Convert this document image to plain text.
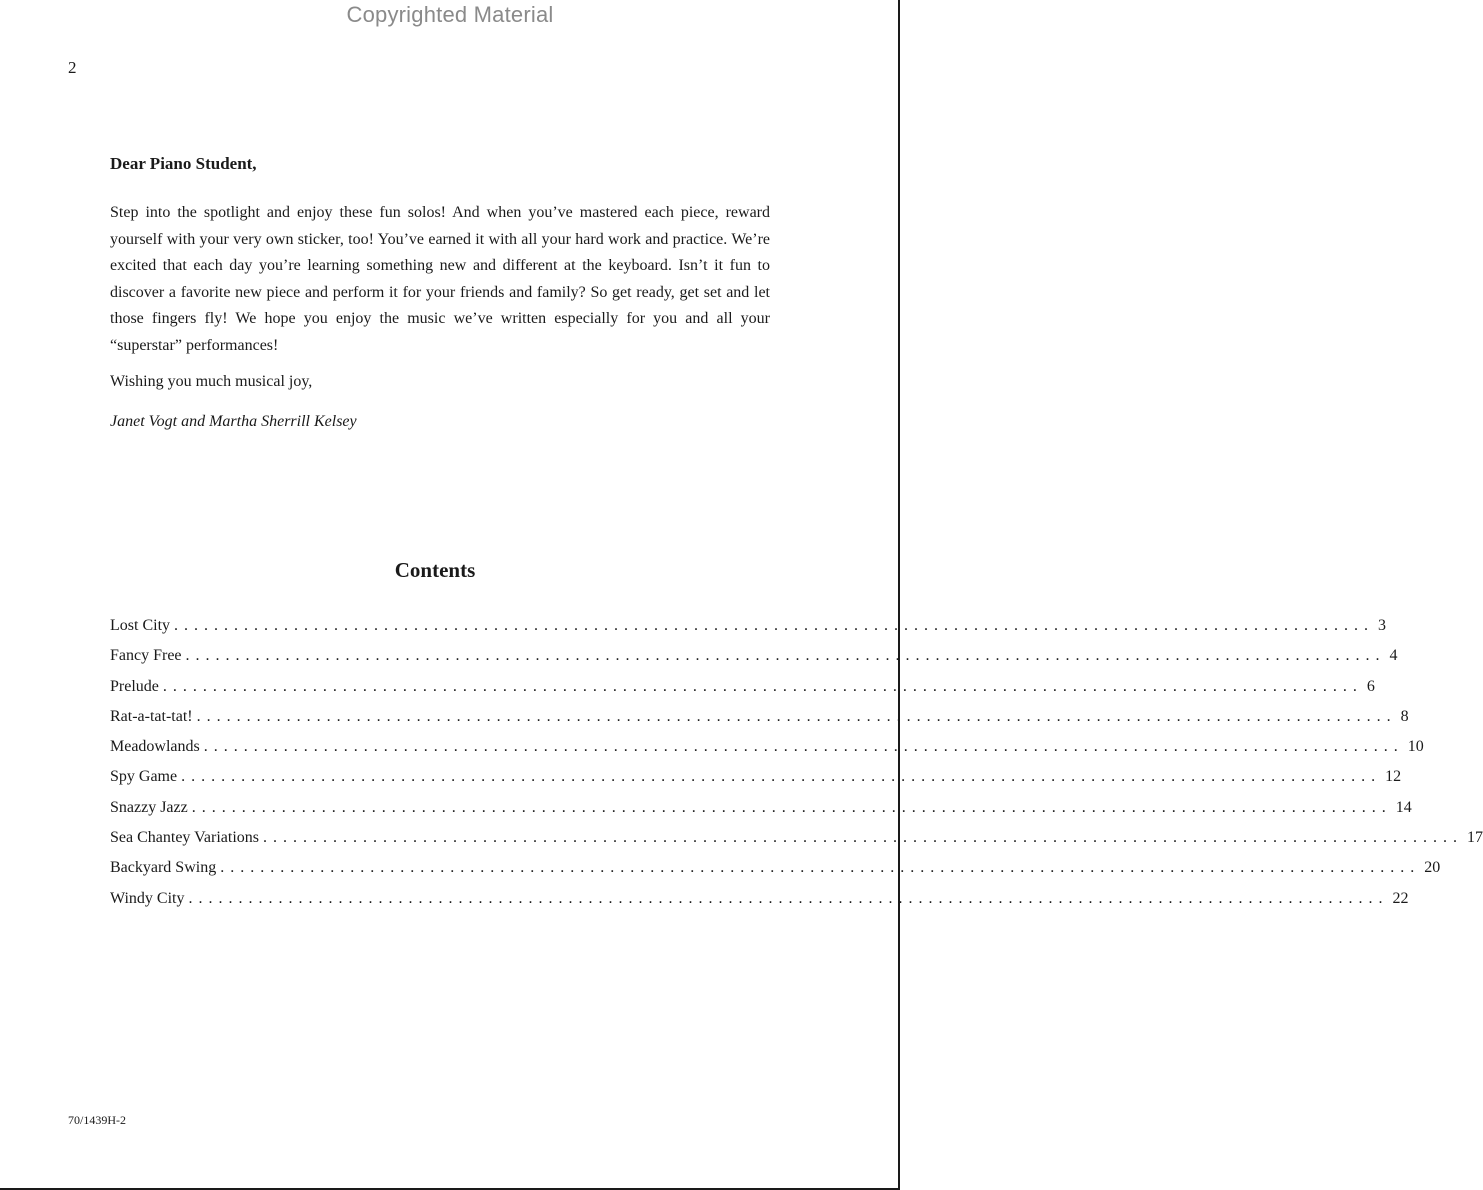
Copyrighted Material
2
Dear Piano Student,

Step into the spotlight and enjoy these fun solos! And when you’ve mastered each piece, reward yourself with your very own sticker, too! You’ve earned it with all your hard work and practice. We’re excited that each day you’re learning something new and different at the keyboard. Isn’t it fun to discover a favorite new piece and perform it for your friends and family? So get ready, get set and let those fingers fly! We hope you enjoy the music we’ve written especially for you and all your “superstar” performances!

Wishing you much musical joy,
Janet Vogt and Martha Sherrill Kelsey
Contents
Lost City ........................................................................................................................ 3
Fancy Free ........................................................................................................................ 4
Prelude ........................................................................................................................ 6
Rat-a-tat-tat! ........................................................................................................................ 8
Meadowlands ........................................................................................................................ 10
Spy Game ........................................................................................................................ 12
Snazzy Jazz ........................................................................................................................ 14
Sea Chantey Variations ........................................................................................................................ 17
Backyard Swing ........................................................................................................................ 20
Windy City ........................................................................................................................ 22
70/1439H-2
